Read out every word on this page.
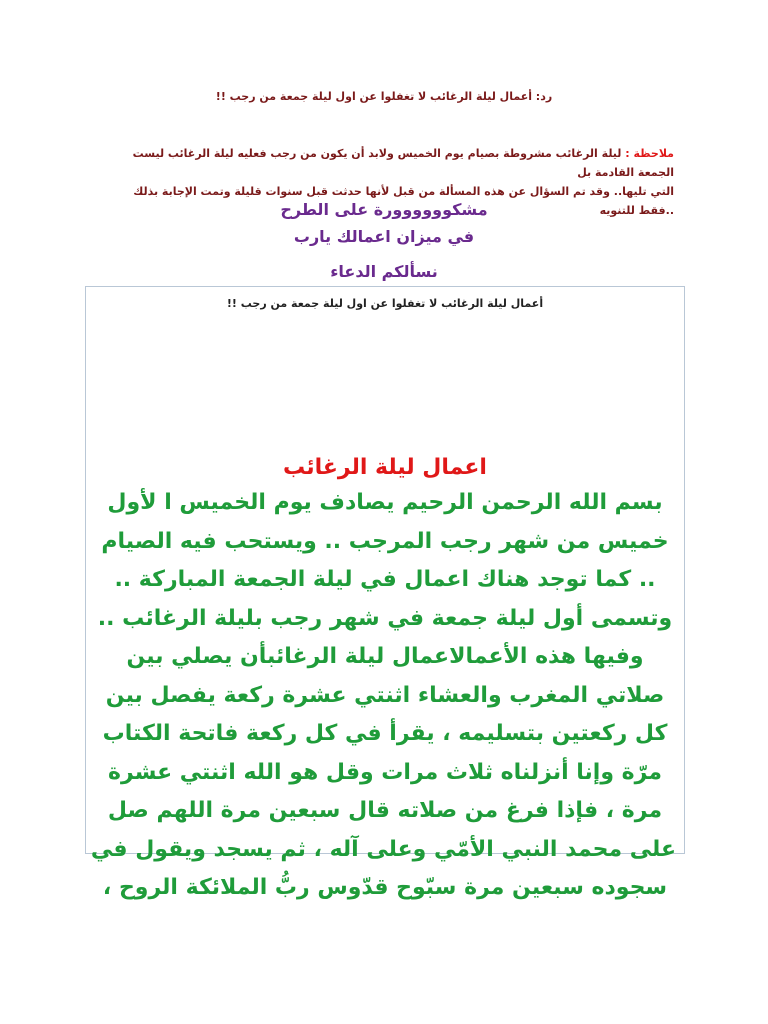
رد: أعمال ليلة الرغائب لا تغفلوا عن اول ليلة جمعة من رجب !!
ملاحظة : ليلة الرغائب مشروطة بصيام يوم الخميس ولابد أن يكون من رجب فعليه ليلة الرغائب ليست الجمعة القادمة بل
التي تليها.. وقد تم السؤال عن هذه المسألة من قبل لأنها حدثت قبل سنوات قليلة وتمت الإجابة بذلك ..فقط للتنويه
مشكوووووورة على الطرح
في ميزان اعمالك يارب
نسألكم الدعاء
أعمال ليلة الرغائب لا تغفلوا عن اول ليلة جمعة من رجب !!
اعمال ليلة الرغائب
بسم الله الرحمن الرحيم يصادف يوم الخميس ا لأول
خميس من شهر رجب المرجب .. ويستحب فيه الصيام
.. كما توجد هناك اعمال في ليلة الجمعة المباركة ..
وتسمى أول ليلة جمعة في شهر رجب بليلة الرغائب ..
وفيها هذه الأعمالاعمال ليلة الرغائبأن يصلي بين
صلاتي المغرب والعشاء اثنتي عشرة ركعة يفصل بين
كل ركعتين بتسليمه ، يقرأ في كل ركعة فاتحة الكتاب
مرّة وإنا أنزلناه ثلاث مرات وقل هو الله اثنتي عشرة
مرة ، فإذا فرغ من صلاته قال سبعين مرة اللهم صل
على محمد النبي الأمّي وعلى آله ، ثم يسجد ويقول في
سجوده سبعين مرة سبّوح قدّوس ربُّ الملائكة الروح ،
